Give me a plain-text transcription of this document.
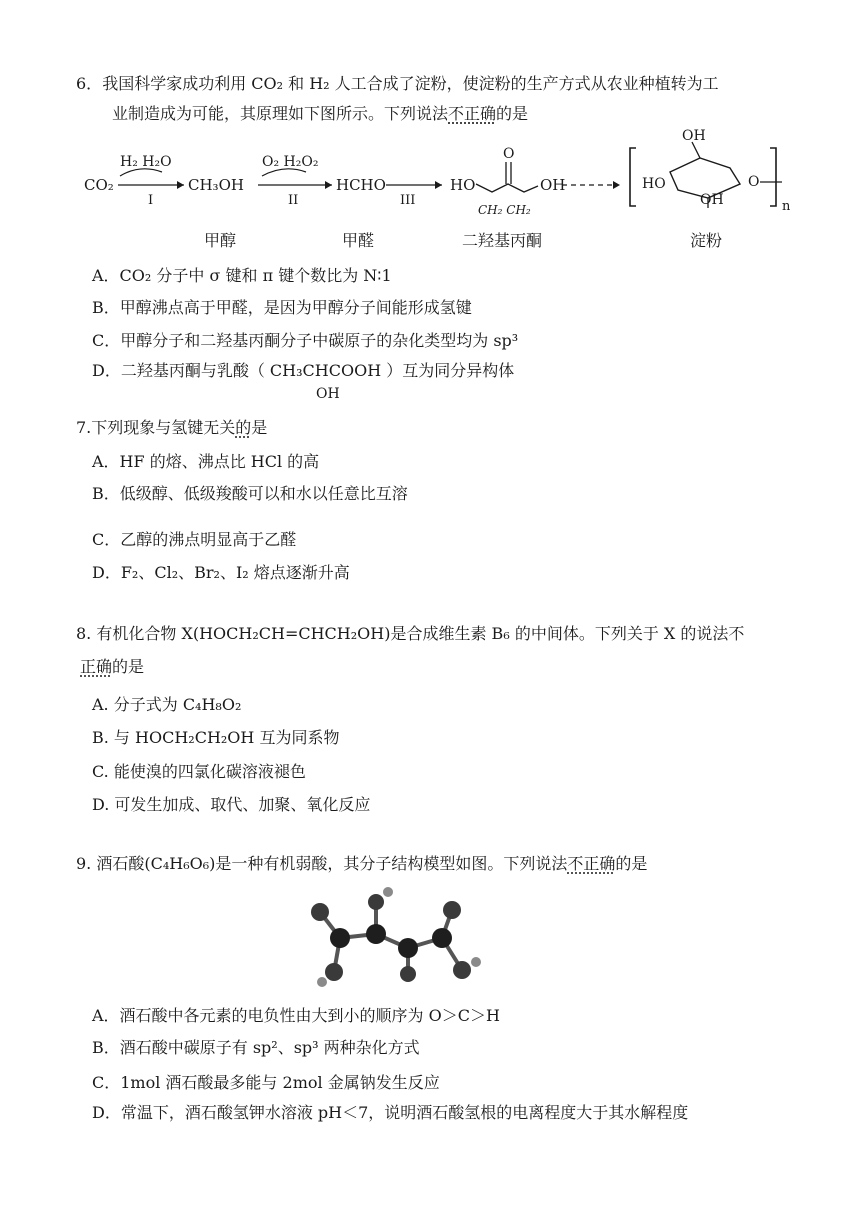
6．我国科学家成功利用 CO₂ 和 H₂ 人工合成了淀粉，使淀粉的生产方式从农业种植转为工
业制造成为可能，其原理如下图所示。下列说法不正确的是
CO₂
H₂ H₂O
I
CH₃OH
O₂ H₂O₂
II
HCHO
III
HO
O
OH
CH₂ CH₂
OH
HO
OH
O
n
甲醇	甲醛	二羟基丙酮	淀粉
A．CO₂ 分子中 σ 键和 π 键个数比为 N∶1
B．甲醇沸点高于甲醛，是因为甲醇分子间能形成氢键
C．甲醇分子和二羟基丙酮分子中碳原子的杂化类型均为 sp³
D．二羟基丙酮与乳酸（ CH₃CHCOOH ）互为同分异构体
OH
7.下列现象与氢键无关的是
A．HF 的熔、沸点比 HCl 的高
B．低级醇、低级羧酸可以和水以任意比互溶
C．乙醇的沸点明显高于乙醛
D．F₂、Cl₂、Br₂、I₂ 熔点逐渐升高
8. 有机化合物 X(HOCH₂CH=CHCH₂OH)是合成维生素 B₆ 的中间体。下列关于 X 的说法不
正确的是
A. 分子式为 C₄H₈O₂
B. 与 HOCH₂CH₂OH 互为同系物
C. 能使溴的四氯化碳溶液褪色
D. 可发生加成、取代、加聚、氧化反应
9. 酒石酸(C₄H₆O₆)是一种有机弱酸，其分子结构模型如图。下列说法不正确的是
A．酒石酸中各元素的电负性由大到小的顺序为 O＞C＞H
B．酒石酸中碳原子有 sp²、sp³ 两种杂化方式
C．1mol 酒石酸最多能与 2mol 金属钠发生反应
D．常温下，酒石酸氢钾水溶液 pH＜7，说明酒石酸氢根的电离程度大于其水解程度
